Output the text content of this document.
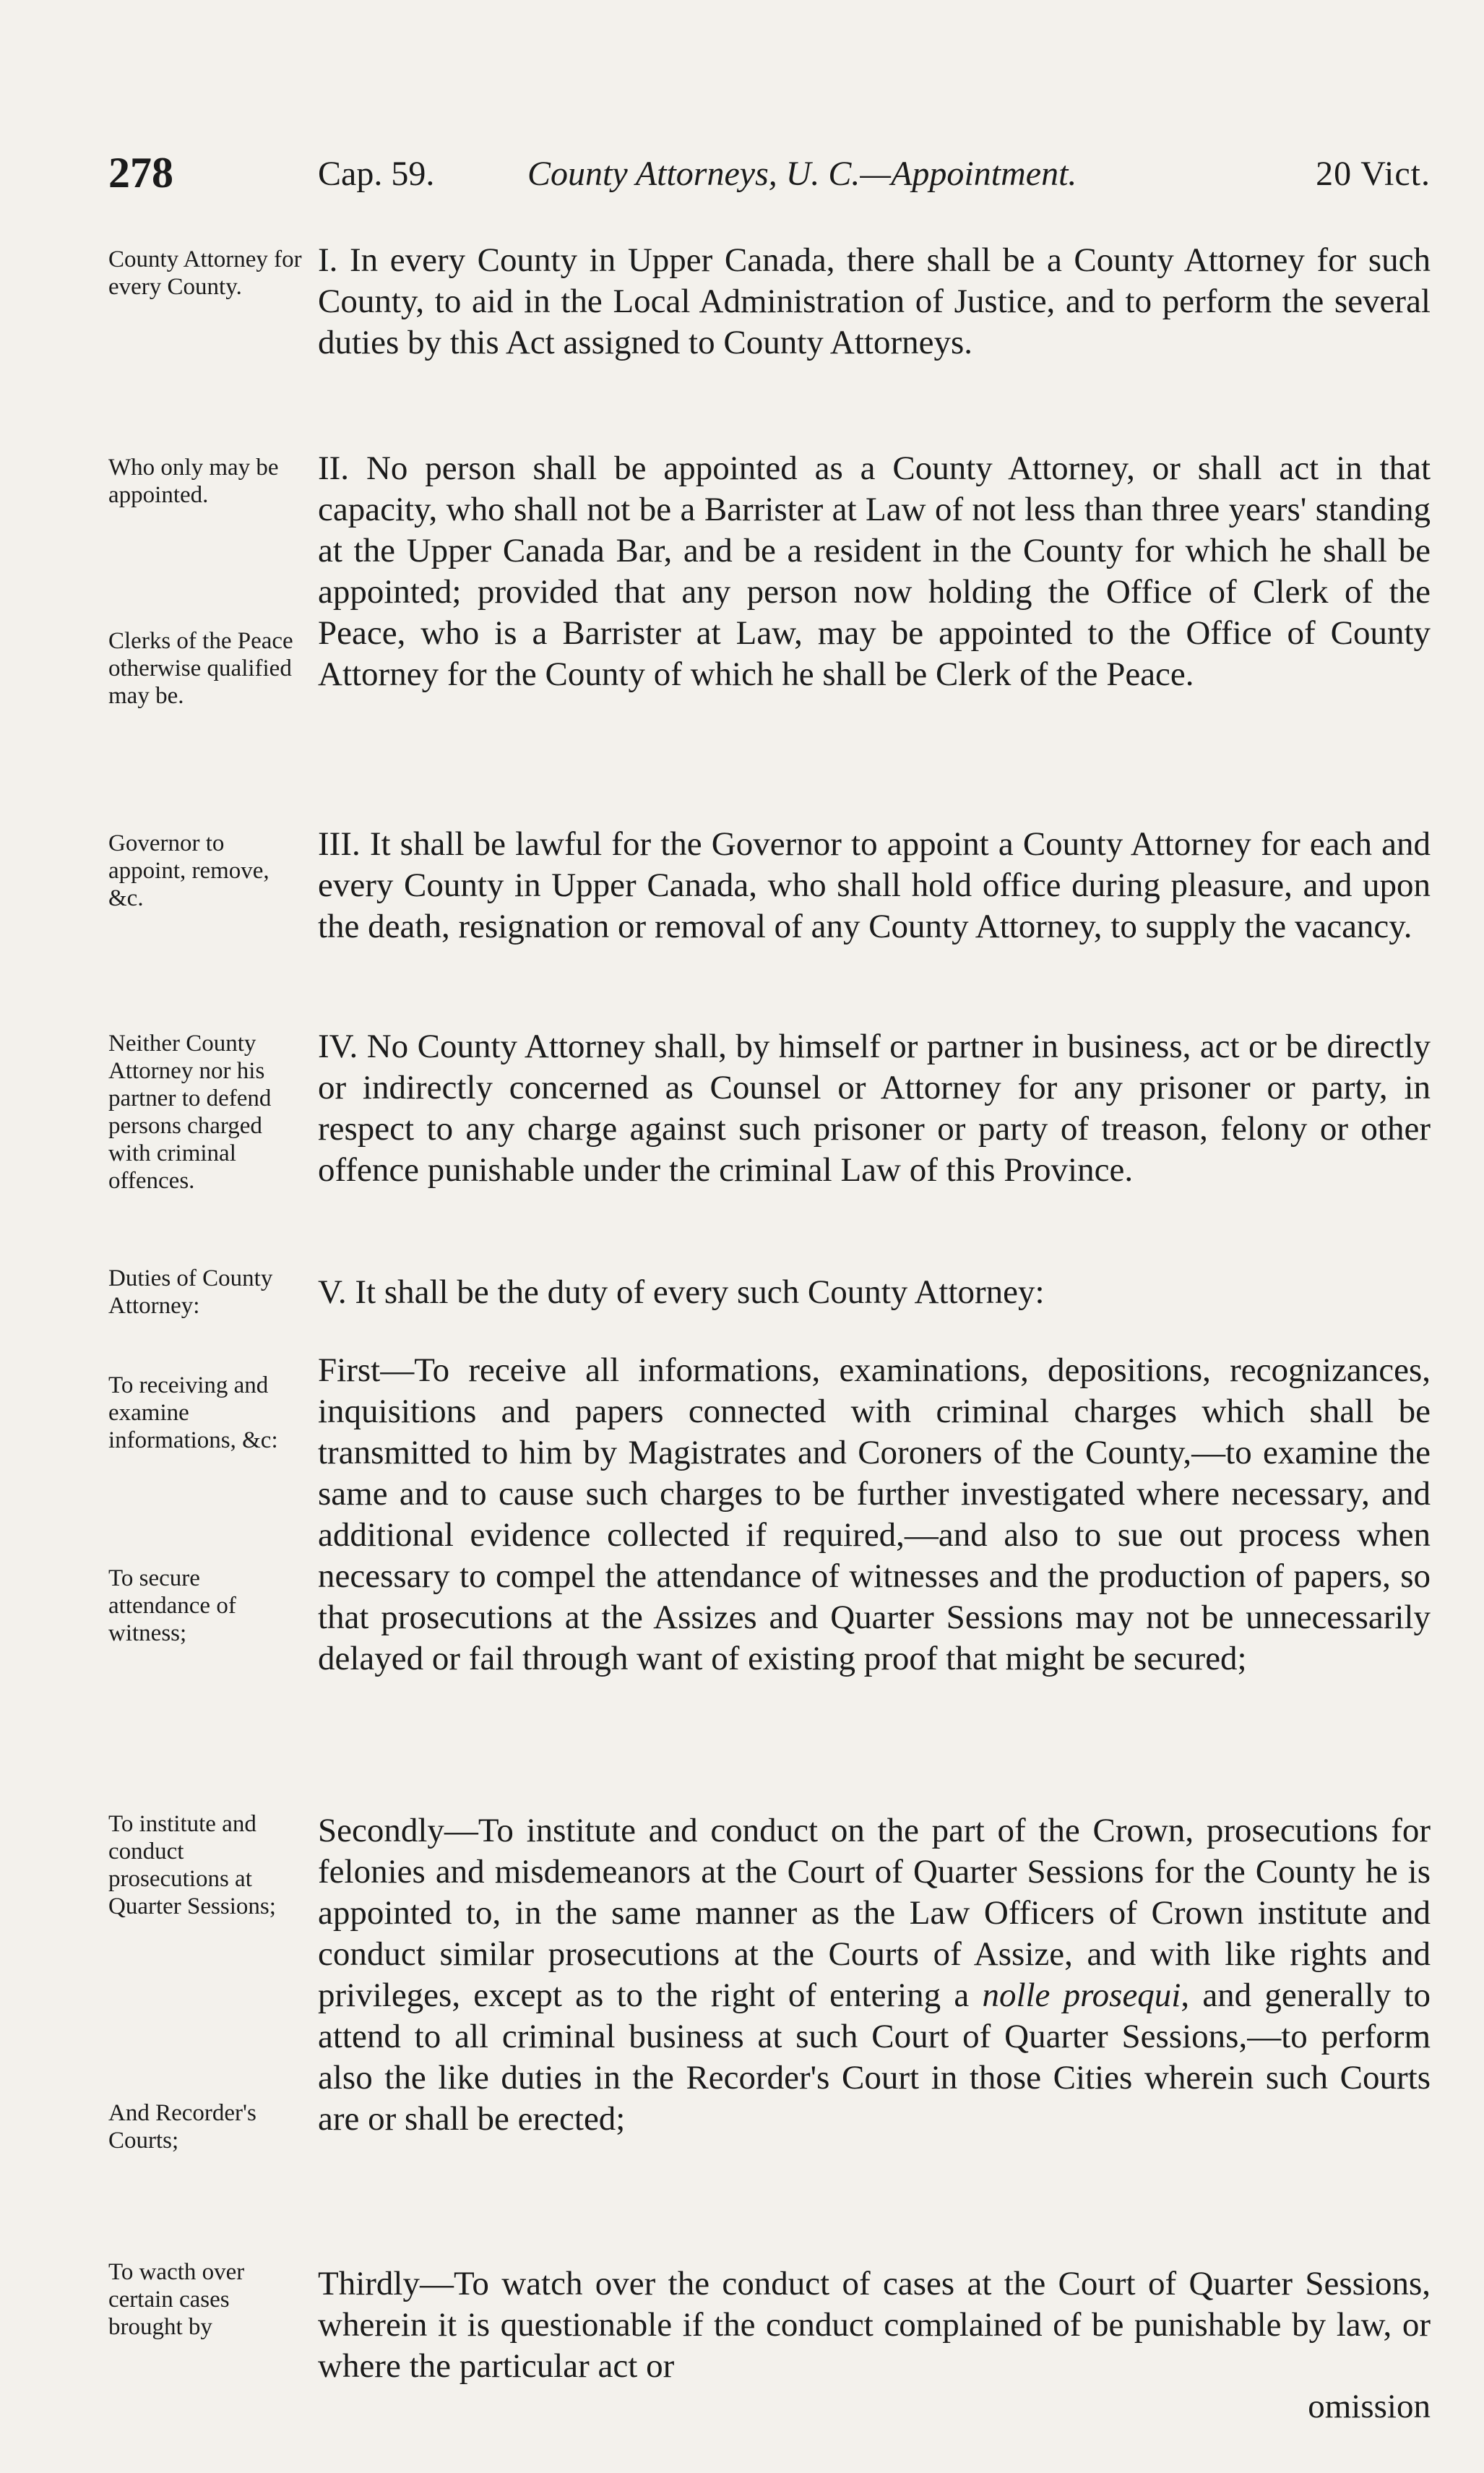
278	Cap. 59.	County Attorneys, U. C.—Appointment.	20 Vict.
County Attorney for every County.
Who only may be appointed.
Clerks of the Peace otherwise qualified may be.
Governor to appoint, remove, &c.
Neither County Attorney nor his partner to defend persons charged with criminal offences.
Duties of County Attorney:
To receiving and examine informations, &c:
To secure attendance of witness;
To institute and conduct prosecutions at Quarter Sessions;
And Recorder's Courts;
To wacth over certain cases brought by
I. In every County in Upper Canada, there shall be a County Attorney for such County, to aid in the Local Administration of Justice, and to perform the several duties by this Act assigned to County Attorneys.
II. No person shall be appointed as a County Attorney, or shall act in that capacity, who shall not be a Barrister at Law of not less than three years' standing at the Upper Canada Bar, and be a resident in the County for which he shall be appointed; provided that any person now holding the Office of Clerk of the Peace, who is a Barrister at Law, may be appointed to the Office of County Attorney for the County of which he shall be Clerk of the Peace.
III. It shall be lawful for the Governor to appoint a County Attorney for each and every County in Upper Canada, who shall hold office during pleasure, and upon the death, resignation or removal of any County Attorney, to supply the vacancy.
IV. No County Attorney shall, by himself or partner in business, act or be directly or indirectly concerned as Counsel or Attorney for any prisoner or party, in respect to any charge against such prisoner or party of treason, felony or other offence punishable under the criminal Law of this Province.
V. It shall be the duty of every such County Attorney:
First—To receive all informations, examinations, depositions, recognizances, inquisitions and papers connected with criminal charges which shall be transmitted to him by Magistrates and Coroners of the County,—to examine the same and to cause such charges to be further investigated where necessary, and additional evidence collected if required,—and also to sue out process when necessary to compel the attendance of witnesses and the production of papers, so that prosecutions at the Assizes and Quarter Sessions may not be unnecessarily delayed or fail through want of existing proof that might be secured;
Secondly—To institute and conduct on the part of the Crown, prosecutions for felonies and misdemeanors at the Court of Quarter Sessions for the County he is appointed to, in the same manner as the Law Officers of Crown institute and conduct similar prosecutions at the Courts of Assize, and with like rights and privileges, except as to the right of entering a nolle prosequi, and generally to attend to all criminal business at such Court of Quarter Sessions,—to perform also the like duties in the Recorder's Court in those Cities wherein such Courts are or shall be erected;
Thirdly—To watch over the conduct of cases at the Court of Quarter Sessions, wherein it is questionable if the conduct complained of be punishable by law, or where the particular act or
omission
